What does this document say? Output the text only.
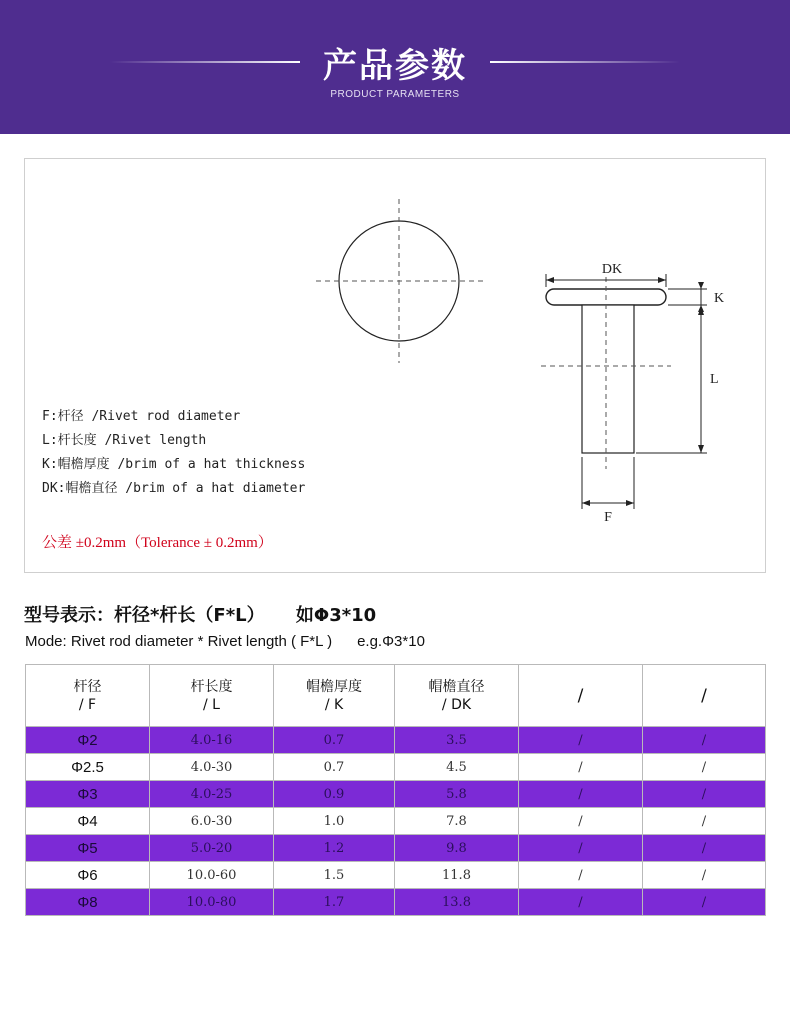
产品参数
PRODUCT PARAMETERS
DK
K
L
F
F:杆径 /Rivet rod diameter
L:杆长度 /Rivet length
K:帽檐厚度 /brim of a hat thickness
DK:帽檐直径 /brim of a hat diameter
公差 ±0.2mm（Tolerance ± 0.2mm）
型号表示：杆径*杆长（F*L）     如Φ3*10
Mode: Rivet rod diameter * Rivet length ( F*L )      e.g.Φ3*10
杆径
/ F	杆长度
/ L	帽檐厚度
/ K	帽檐直径
/ DK	/	/

Φ2	4.0-16	0.7	3.5	/	/
Φ2.5	4.0-30	0.7	4.5	/	/
Φ3	4.0-25	0.9	5.8	/	/
Φ4	6.0-30	1.0	7.8	/	/
Φ5	5.0-20	1.2	9.8	/	/
Φ6	10.0-60	1.5	11.8	/	/
Φ8	10.0-80	1.7	13.8	/	/
